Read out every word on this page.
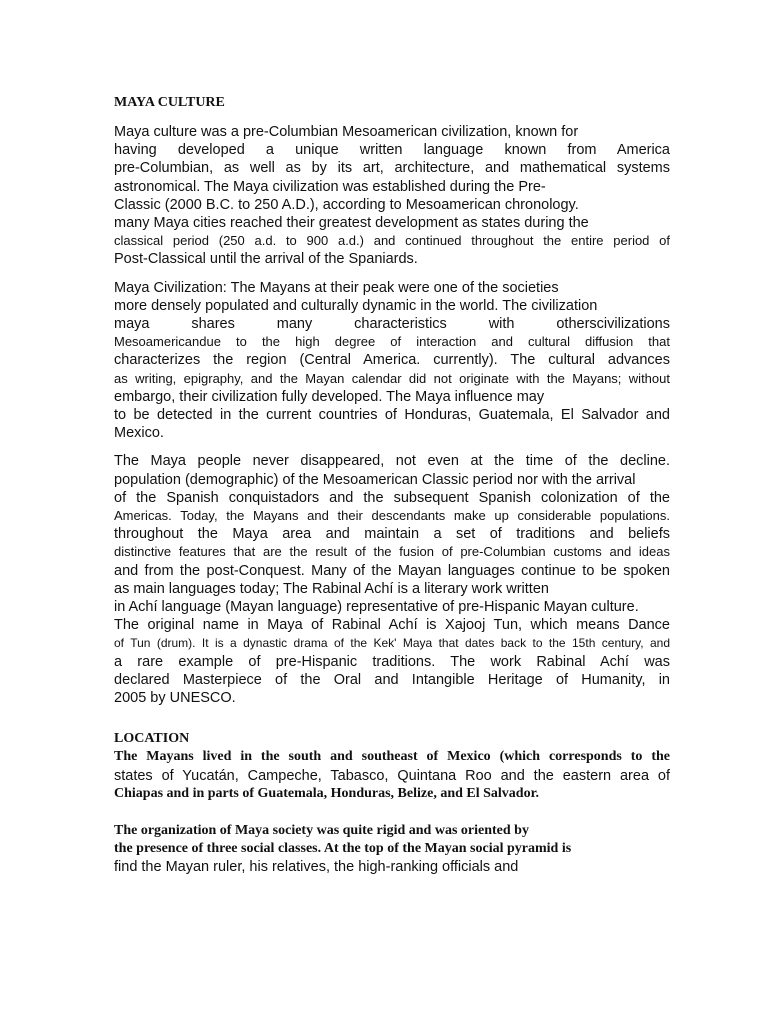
MAYA CULTURE
Maya culture was a pre-Columbian Mesoamerican civilization, known for
having developed a unique written language known from America
pre-Columbian, as well as by its art, architecture, and mathematical systems
astronomical. The Maya civilization was established during the Pre-
Classic (2000 B.C. to 250 A.D.), according to Mesoamerican chronology.
many Maya cities reached their greatest development as states during the
classical period (250 a.d. to 900 a.d.) and continued throughout the entire period of
Post-Classical until the arrival of the Spaniards.
Maya Civilization: The Mayans at their peak were one of the societies
more densely populated and culturally dynamic in the world. The civilization
maya shares many characteristics with otherscivilizations
Mesoamericandue to the high degree of interaction and cultural diffusion that
characterizes the region (Central America. currently). The cultural advances
as writing, epigraphy, and the Mayan calendar did not originate with the Mayans; without
embargo, their civilization fully developed. The Maya influence may
to be detected in the current countries of Honduras, Guatemala, El Salvador and
Mexico.
The Maya people never disappeared, not even at the time of the decline.
population (demographic) of the Mesoamerican Classic period nor with the arrival
of the Spanish conquistadors and the subsequent Spanish colonization of the
Americas. Today, the Mayans and their descendants make up considerable populations.
throughout the Maya area and maintain a set of traditions and beliefs
distinctive features that are the result of the fusion of pre-Columbian customs and ideas
and from the post-Conquest. Many of the Mayan languages continue to be spoken
as main languages today; The Rabinal Achí is a literary work written
in Achí language (Mayan language) representative of pre-Hispanic Mayan culture.
The original name in Maya of Rabinal Achí is Xajooj Tun, which means Dance
of Tun (drum). It is a dynastic drama of the Kek' Maya that dates back to the 15th century, and
a rare example of pre-Hispanic traditions. The work Rabinal Achí was
declared Masterpiece of the Oral and Intangible Heritage of Humanity, in
2005 by UNESCO.
LOCATION
The Mayans lived in the south and southeast of Mexico (which corresponds to the
states of Yucatán, Campeche, Tabasco, Quintana Roo and the eastern area of
Chiapas and in parts of Guatemala, Honduras, Belize, and El Salvador.
The organization of Maya society was quite rigid and was oriented by
the presence of three social classes. At the top of the Mayan social pyramid is
find the Mayan ruler, his relatives, the high-ranking officials and
